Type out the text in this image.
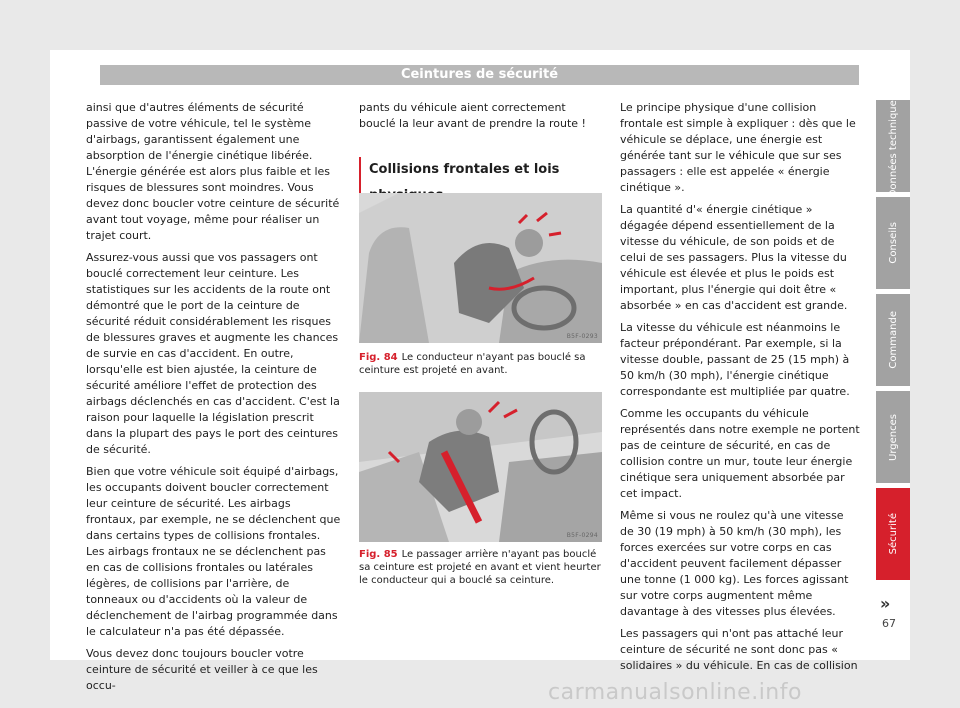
Ceintures de sécurité

ainsi que d'autres éléments de sécurité passive de votre véhicule, tel le système d'airbags, garantissent également une absorption de l'énergie cinétique libérée. L'énergie générée est alors plus faible et les risques de blessures sont moindres. Vous devez donc boucler votre ceinture de sécurité avant tout voyage, même pour réaliser un trajet court.

Assurez-vous aussi que vos passagers ont bouclé correctement leur ceinture. Les statistiques sur les accidents de la route ont démontré que le port de la ceinture de sécurité réduit considérablement les risques de blessures graves et augmente les chances de survie en cas d'accident. En outre, lorsqu'elle est bien ajustée, la ceinture de sécurité améliore l'effet de protection des airbags déclenchés en cas d'accident. C'est la raison pour laquelle la législation prescrit dans la plupart des pays le port des ceintures de sécurité.

Bien que votre véhicule soit équipé d'airbags, les occupants doivent boucler correctement leur ceinture de sécurité. Les airbags frontaux, par exemple, ne se déclenchent que dans certains types de collisions frontales. Les airbags frontaux ne se déclenchent pas en cas de collisions frontales ou latérales légères, de collisions par l'arrière, de tonneaux ou d'accidents où la valeur de déclenchement de l'airbag programmée dans le calculateur n'a pas été dépassée.

Vous devez donc toujours boucler votre ceinture de sécurité et veiller à ce que les occu-

pants du véhicule aient correctement bouclé la leur avant de prendre la route !

Collisions frontales et lois
B5F-0293
Fig. 84 Le conducteur n'ayant pas bouclé sa ceinture est projeté en avant.
B5F-0294
Fig. 85 Le passager arrière n'ayant pas bouclé sa ceinture est projeté en avant et vient heurter le conducteur qui a bouclé sa ceinture.

Le principe physique d'une collision frontale est simple à expliquer : dès que le véhicule se déplace, une énergie est générée tant sur le véhicule que sur ses passagers : elle est appelée « énergie cinétique ».

La quantité d'« énergie cinétique » dégagée dépend essentiellement de la vitesse du véhicule, de son poids et de celui de ses passagers. Plus la vitesse du véhicule est élevée et plus le poids est important, plus l'énergie qui doit être « absorbée » en cas d'accident est grande.

La vitesse du véhicule est néanmoins le facteur prépondérant. Par exemple, si la vitesse double, passant de 25 (15 mph) à 50 km/h (30 mph), l'énergie cinétique correspondante est multipliée par quatre.

Comme les occupants du véhicule représentés dans notre exemple ne portent pas de ceinture de sécurité, en cas de collision contre un mur, toute leur énergie cinétique sera uniquement absorbée par cet impact.

Même si vous ne roulez qu'à une vitesse de 30 (19 mph) à 50 km/h (30 mph), les forces exercées sur votre corps en cas d'accident peuvent facilement dépasser une tonne (1 000 kg). Les forces agissant sur votre corps augmentent même davantage à des vitesses plus élevées.

Les passagers qui n'ont pas attaché leur ceinture de sécurité ne sont donc pas « solidaires » du véhicule. En cas de collision

Données techniques
Conseils
Commande
Urgences
Sécurité
»
67
carmanualsonline.info
